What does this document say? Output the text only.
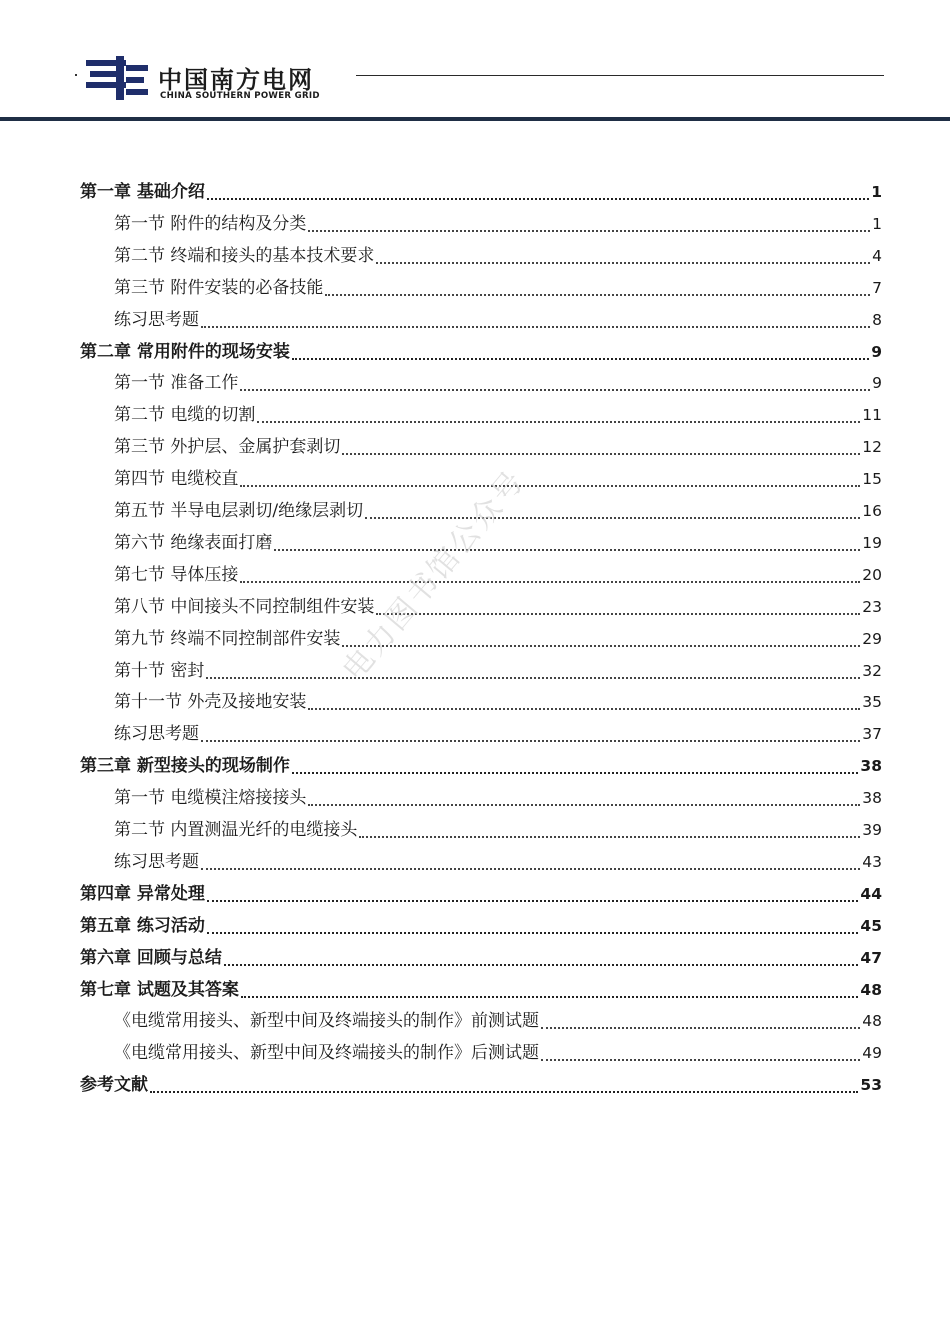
中国南方电网
CHINA SOUTHERN POWER GRID
第一章 基础介绍	1
第一节 附件的结构及分类	1
第二节 终端和接头的基本技术要求	4
第三节 附件安装的必备技能	7
练习思考题	8
第二章 常用附件的现场安装	9
第一节 准备工作	9
第二节 电缆的切割	11
第三节 外护层、金属护套剥切	12
第四节 电缆校直	15
第五节 半导电层剥切/绝缘层剥切	16
第六节 绝缘表面打磨	19
第七节 导体压接	20
第八节 中间接头不同控制组件安装	23
第九节 终端不同控制部件安装	29
第十节 密封	32
第十一节 外壳及接地安装	35
练习思考题	37
第三章 新型接头的现场制作	38
第一节 电缆模注熔接接头	38
第二节 内置测温光纤的电缆接头	39
练习思考题	43
第四章 异常处理	44
第五章 练习活动	45
第六章 回顾与总结	47
第七章 试题及其答案	48
《电缆常用接头、新型中间及终端接头的制作》前测试题	48
《电缆常用接头、新型中间及终端接头的制作》后测试题	49
参考文献	53
电力图书馆公众号
